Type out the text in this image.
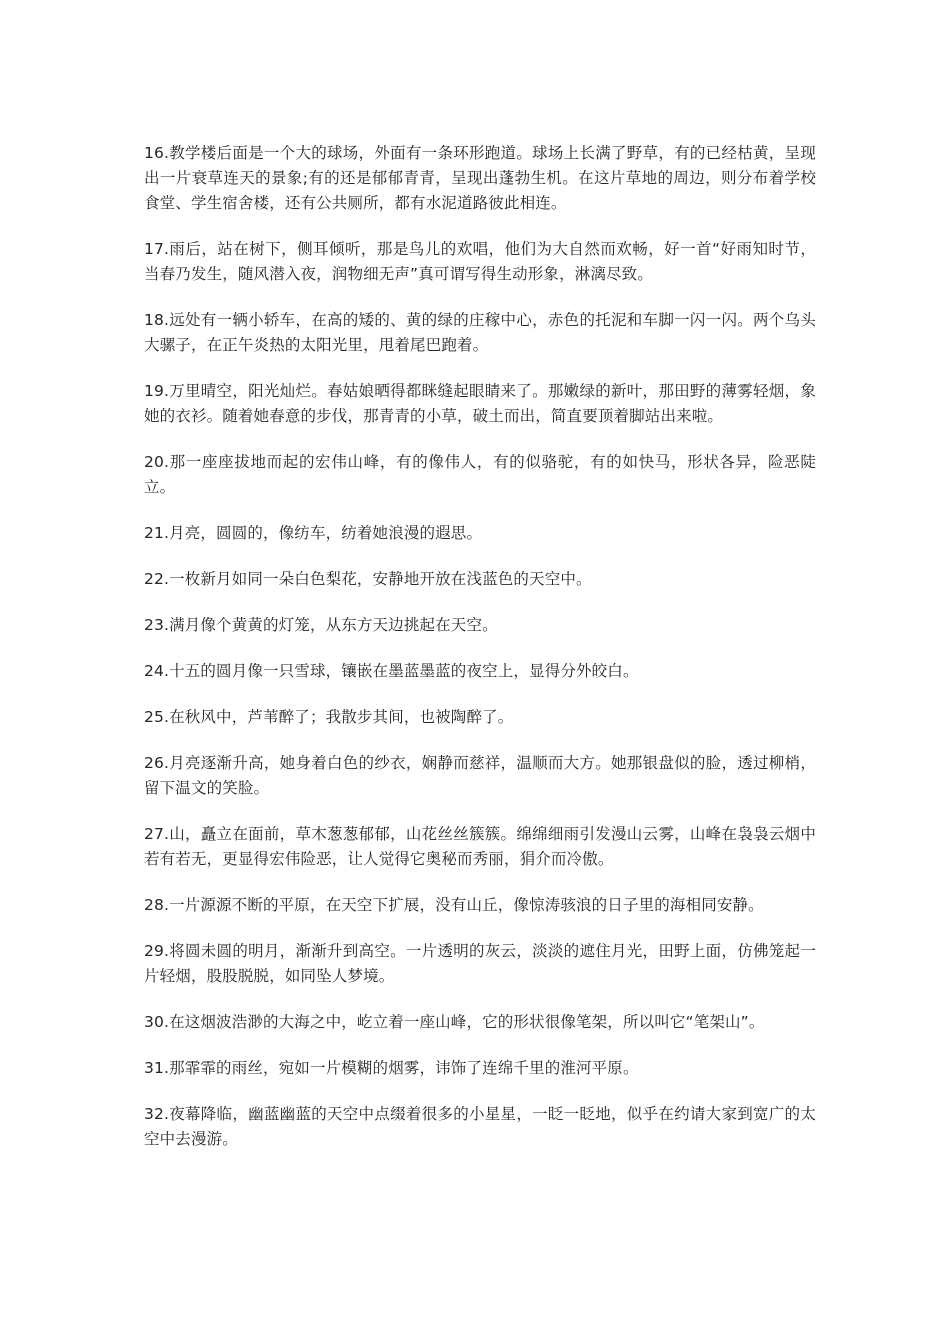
16.教学楼后面是一个大的球场，外面有一条环形跑道。球场上长满了野草，有的已经枯黄，呈现出一片衰草连天的景象;有的还是郁郁青青，呈现出蓬勃生机。在这片草地的周边，则分布着学校食堂、学生宿舍楼，还有公共厕所，都有水泥道路彼此相连。

17.雨后，站在树下，侧耳倾听，那是鸟儿的欢唱，他们为大自然而欢畅，好一首“好雨知时节，当春乃发生，随风潜入夜，润物细无声”真可谓写得生动形象，淋漓尽致。

18.远处有一辆小轿车，在高的矮的、黄的绿的庄稼中心，赤色的托泥和车脚一闪一闪。两个乌头大骡子，在正午炎热的太阳光里，甩着尾巴跑着。

19.万里晴空，阳光灿烂。春姑娘晒得都眯缝起眼睛来了。那嫩绿的新叶，那田野的薄雾轻烟，象她的衣衫。随着她春意的步伐，那青青的小草，破土而出，简直要顶着脚站出来啦。

20.那一座座拔地而起的宏伟山峰，有的像伟人，有的似骆驼，有的如快马，形状各异，险恶陡立。

21.月亮，圆圆的，像纺车，纺着她浪漫的遐思。

22.一枚新月如同一朵白色梨花，安静地开放在浅蓝色的天空中。

23.满月像个黄黄的灯笼，从东方天边挑起在天空。

24.十五的圆月像一只雪球，镶嵌在墨蓝墨蓝的夜空上，显得分外皎白。

25.在秋风中，芦苇醉了；我散步其间，也被陶醉了。

26.月亮逐渐升高，她身着白色的纱衣，娴静而慈祥，温顺而大方。她那银盘似的脸，透过柳梢，留下温文的笑脸。

27.山，矗立在面前，草木葱葱郁郁，山花丝丝簇簇。绵绵细雨引发漫山云雾，山峰在袅袅云烟中若有若无，更显得宏伟险恶，让人觉得它奥秘而秀丽，狷介而冷傲。

28.一片源源不断的平原，在天空下扩展，没有山丘，像惊涛骇浪的日子里的海相同安静。

29.将圆未圆的明月，渐渐升到高空。一片透明的灰云，淡淡的遮住月光，田野上面，仿佛笼起一片轻烟，股股脱脱，如同坠人梦境。

30.在这烟波浩渺的大海之中，屹立着一座山峰，它的形状很像笔架，所以叫它“笔架山”。

31.那霏霏的雨丝，宛如一片模糊的烟雾，讳饰了连绵千里的淮河平原。

32.夜幕降临，幽蓝幽蓝的天空中点缀着很多的小星星，一眨一眨地，似乎在约请大家到宽广的太空中去漫游。
